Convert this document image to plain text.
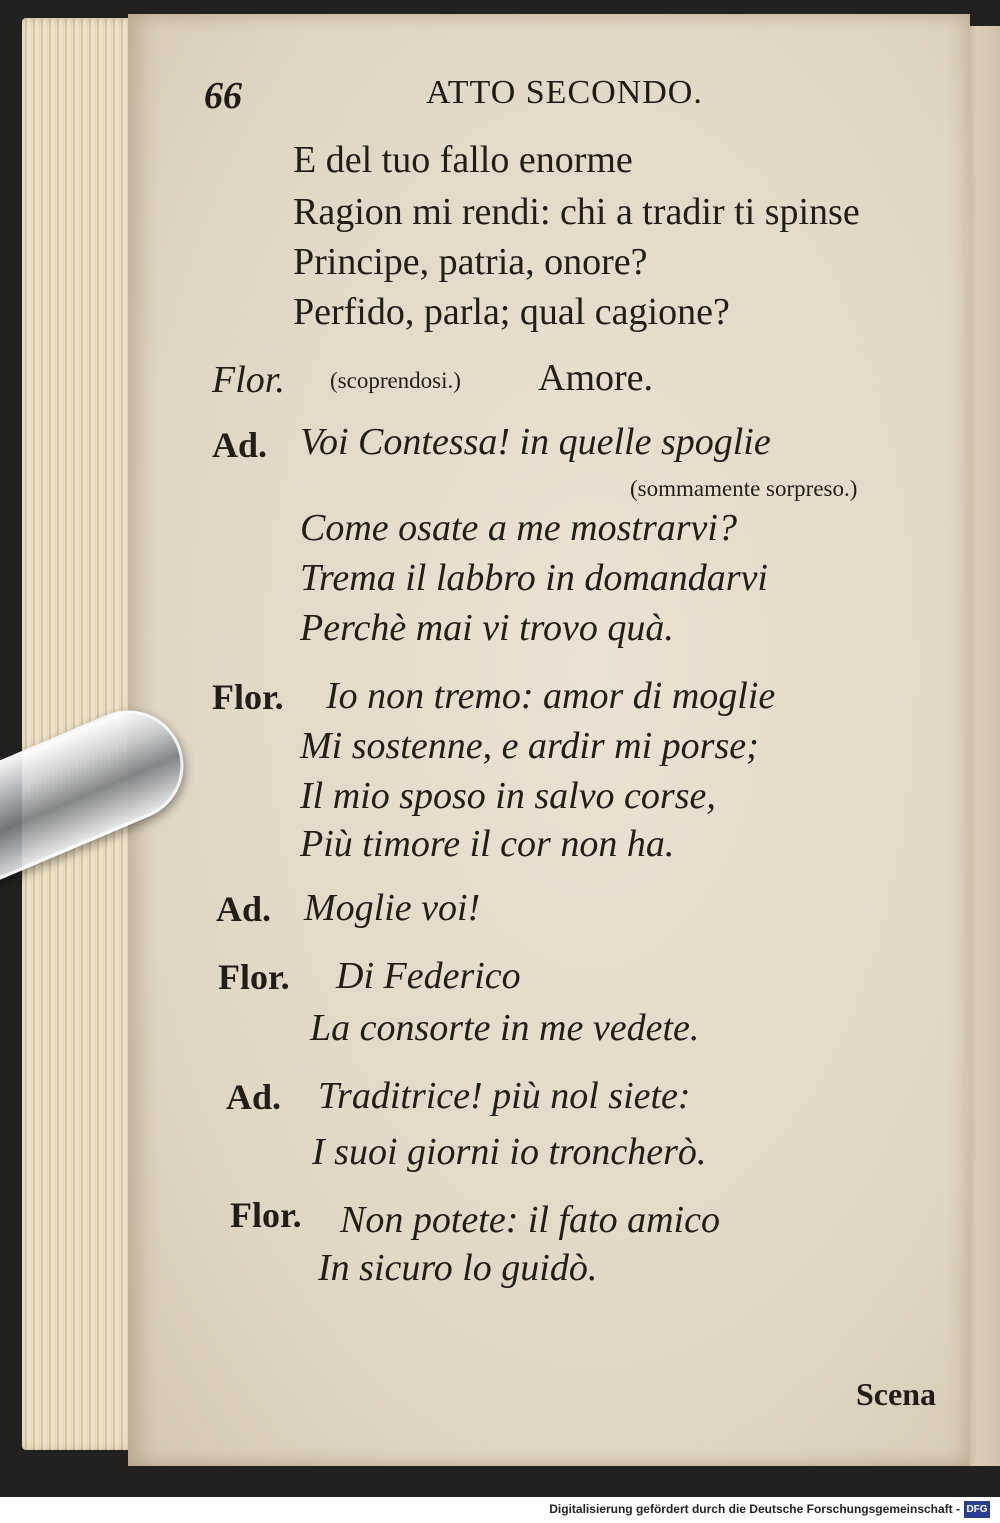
66	ATTO SECONDO.
E del tuo fallo enorme
Ragion mi rendi: chi a tradir ti spinse
Principe, patria, onore?
Perfido, parla; qual cagione?
Flor. (scoprendosi.) Amore.
Ad. Voi Contessa! in quelle spoglie
(sommamente sorpreso.)
Come osate a me mostrarvi?
Trema il labbro in domandarvi
Perchè mai vi trovo quà.
Flor. Io non tremo: amor di moglie
Mi sostenne, e ardir mi porse;
Il mio sposo in salvo corse,
Più timore il cor non ha.
Ad. Moglie voi!
Flor. Di Federico
La consorte in me vedete.
Ad. Traditrice! più nol siete:
I suoi giorni io troncherò.
Flor. Non potete: il fato amico
In sicuro lo guidò.
Scena
Digitalisierung gefördert durch die Deutsche Forschungsgemeinschaft - DFG
